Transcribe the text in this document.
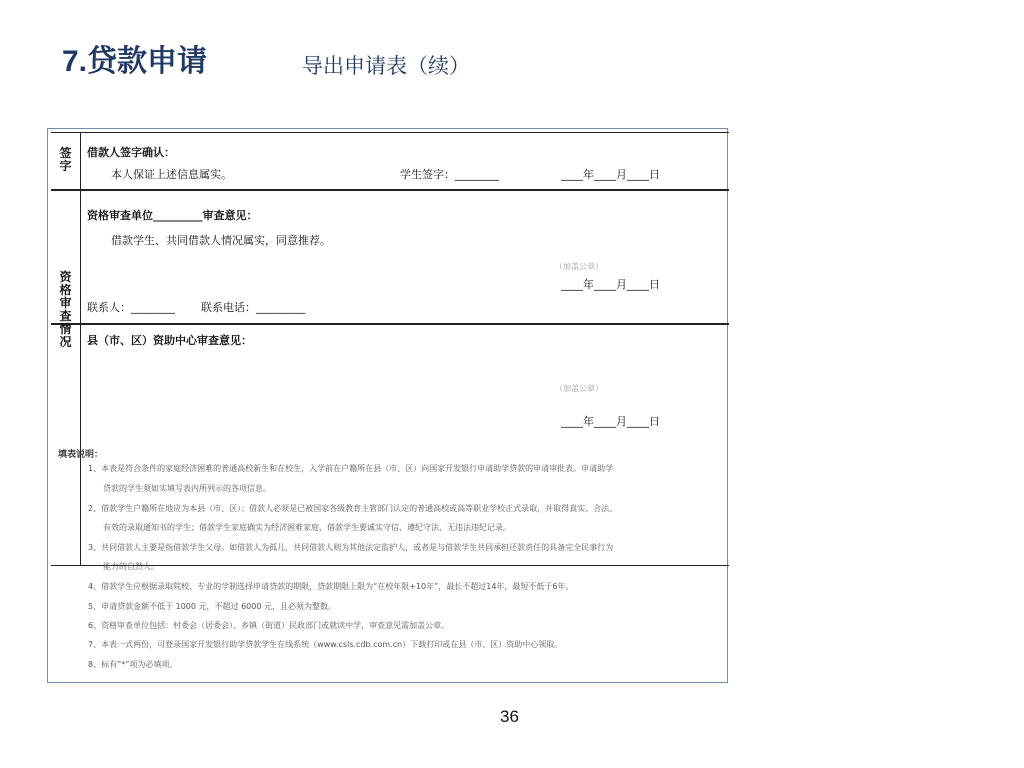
7.贷款申请	导出申请表（续）
签
字
借款人签字确认：
本人保证上述信息属实。	学生签字：________	____年____月____日
资
格
审
查
情
况
资格审查单位_________审查意见：
借款学生、共同借款人情况属实，同意推荐。
（加盖公章）
____年____月____日
联系人：________ 联系电话：_________
县（市、区）资助中心审查意见：
（加盖公章）
____年____月____日
填表说明：
1、本表是符合条件的家庭经济困难的普通高校新生和在校生，入学前在户籍所在县（市、区）向国家开发银行申请助学贷款的申请审批表。申请助学
贷款的学生须如实填写表内所列示的各项信息。
2、借款学生户籍所在地应为本县（市、区）；借款人必须是已被国家各级教育主管部门认定的普通高校或高等职业学校正式录取，并取得真实、合法、
有效的录取通知书的学生；借款学生家庭确实为经济困难家庭，借款学生要诚实守信，遵纪守法，无违法违纪记录。
3、共同借款人主要是指借款学生父母。如借款人为孤儿，共同借款人则为其他法定监护人，或者是与借款学生共同承担还款责任的具备完全民事行为
能力的自然人。
4、借款学生应根据录取院校、专业的学制选择申请贷款的期限，贷款期限上限为“在校年限+10年”，最长不超过14年，最短不低于6年。
5、申请贷款金额不低于 1000 元，不超过 6000 元，且必须为整数。
6、资格审查单位包括：村委会（居委会）、乡镇（街道）民政部门或就读中学，审查意见需加盖公章。
7、本表一式两份，可登录国家开发银行助学贷款学生在线系统（www.csls.cdb.com.cn）下载打印或在县（市、区）资助中心领取。
8、标有“*”项为必填项。
36
